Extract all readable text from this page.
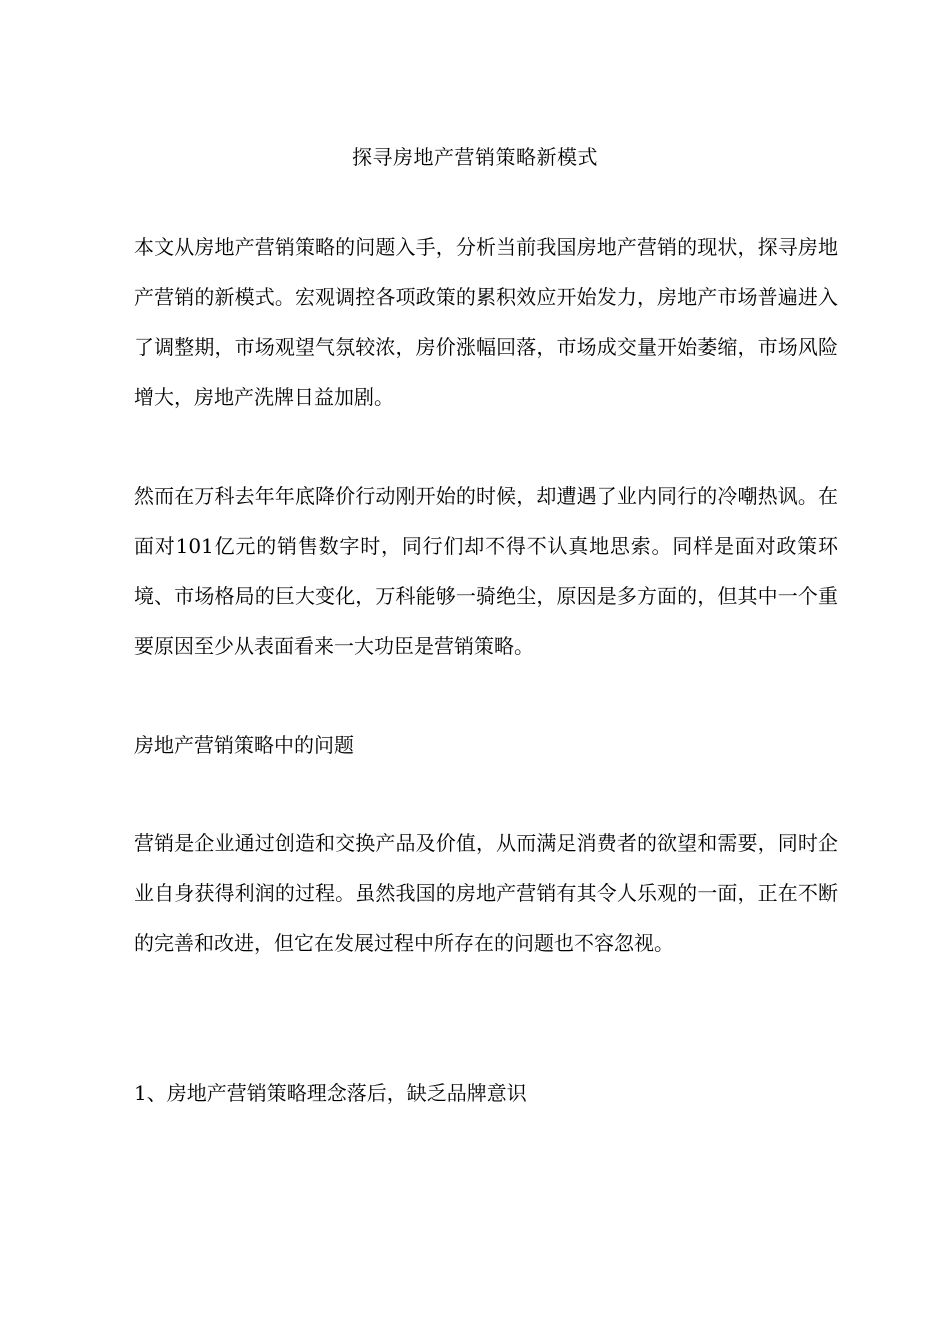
探寻房地产营销策略新模式

本文从房地产营销策略的问题入手，分析当前我国房地产营销的现状，探寻房地产营销的新模式。宏观调控各项政策的累积效应开始发力，房地产市场普遍进入了调整期，市场观望气氛较浓，房价涨幅回落，市场成交量开始萎缩，市场风险增大，房地产洗牌日益加剧。

然而在万科去年年底降价行动刚开始的时候，却遭遇了业内同行的冷嘲热讽。在面对101亿元的销售数字时，同行们却不得不认真地思索。同样是面对政策环境、市场格局的巨大变化，万科能够一骑绝尘，原因是多方面的，但其中一个重要原因至少从表面看来一大功臣是营销策略。

房地产营销策略中的问题

营销是企业通过创造和交换产品及价值，从而满足消费者的欲望和需要，同时企业自身获得利润的过程。虽然我国的房地产营销有其令人乐观的一面，正在不断的完善和改进，但它在发展过程中所存在的问题也不容忽视。

1、房地产营销策略理念落后，缺乏品牌意识
